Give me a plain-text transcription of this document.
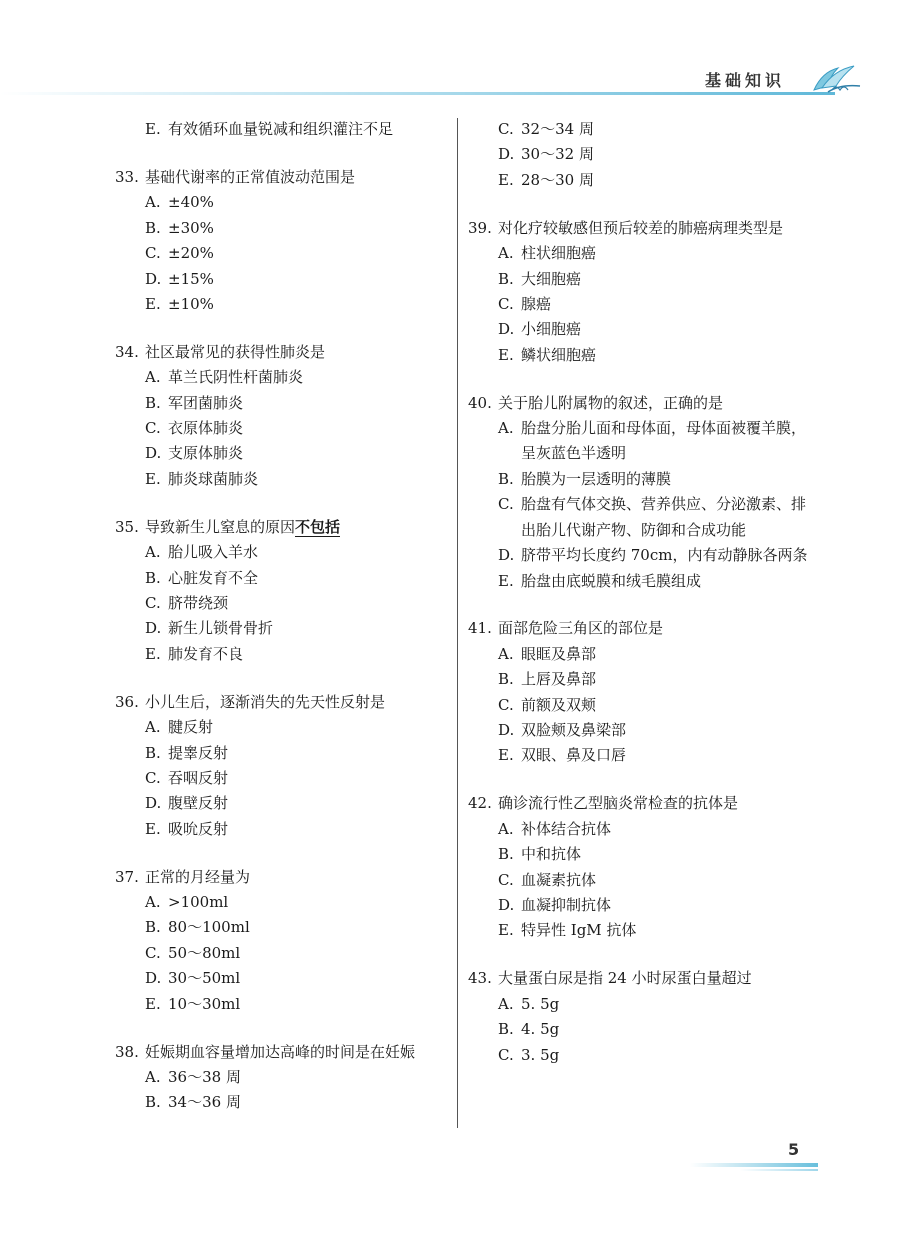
基础知识
E. 有效循环血量锐减和组织灌注不足
33. 基础代谢率的正常值波动范围是
A. ±40%
B. ±30%
C. ±20%
D. ±15%
E. ±10%
34. 社区最常见的获得性肺炎是
A. 革兰氏阴性杆菌肺炎
B. 军团菌肺炎
C. 衣原体肺炎
D. 支原体肺炎
E. 肺炎球菌肺炎
35. 导致新生儿窒息的原因不包括
A. 胎儿吸入羊水
B. 心脏发育不全
C. 脐带绕颈
D. 新生儿锁骨骨折
E. 肺发育不良
36. 小儿生后，逐渐消失的先天性反射是
A. 腱反射
B. 提睾反射
C. 吞咽反射
D. 腹壁反射
E. 吸吮反射
37. 正常的月经量为
A. >100ml
B. 80～100ml
C. 50～80ml
D. 30～50ml
E. 10～30ml
38. 妊娠期血容量增加达高峰的时间是在妊娠
A. 36～38 周
B. 34～36 周
C. 32～34 周
D. 30～32 周
E. 28～30 周
39. 对化疗较敏感但预后较差的肺癌病理类型是
A. 柱状细胞癌
B. 大细胞癌
C. 腺癌
D. 小细胞癌
E. 鳞状细胞癌
40. 关于胎儿附属物的叙述，正确的是
A. 胎盘分胎儿面和母体面，母体面被覆羊膜，呈灰蓝色半透明
B. 胎膜为一层透明的薄膜
C. 胎盘有气体交换、营养供应、分泌激素、排出胎儿代谢产物、防御和合成功能
D. 脐带平均长度约 70cm，内有动静脉各两条
E. 胎盘由底蜕膜和绒毛膜组成
41. 面部危险三角区的部位是
A. 眼眶及鼻部
B. 上唇及鼻部
C. 前额及双颊
D. 双脸颊及鼻梁部
E. 双眼、鼻及口唇
42. 确诊流行性乙型脑炎常检查的抗体是
A. 补体结合抗体
B. 中和抗体
C. 血凝素抗体
D. 血凝抑制抗体
E. 特异性 IgM 抗体
43. 大量蛋白尿是指 24 小时尿蛋白量超过
A. 5. 5g
B. 4. 5g
C. 3. 5g
5
